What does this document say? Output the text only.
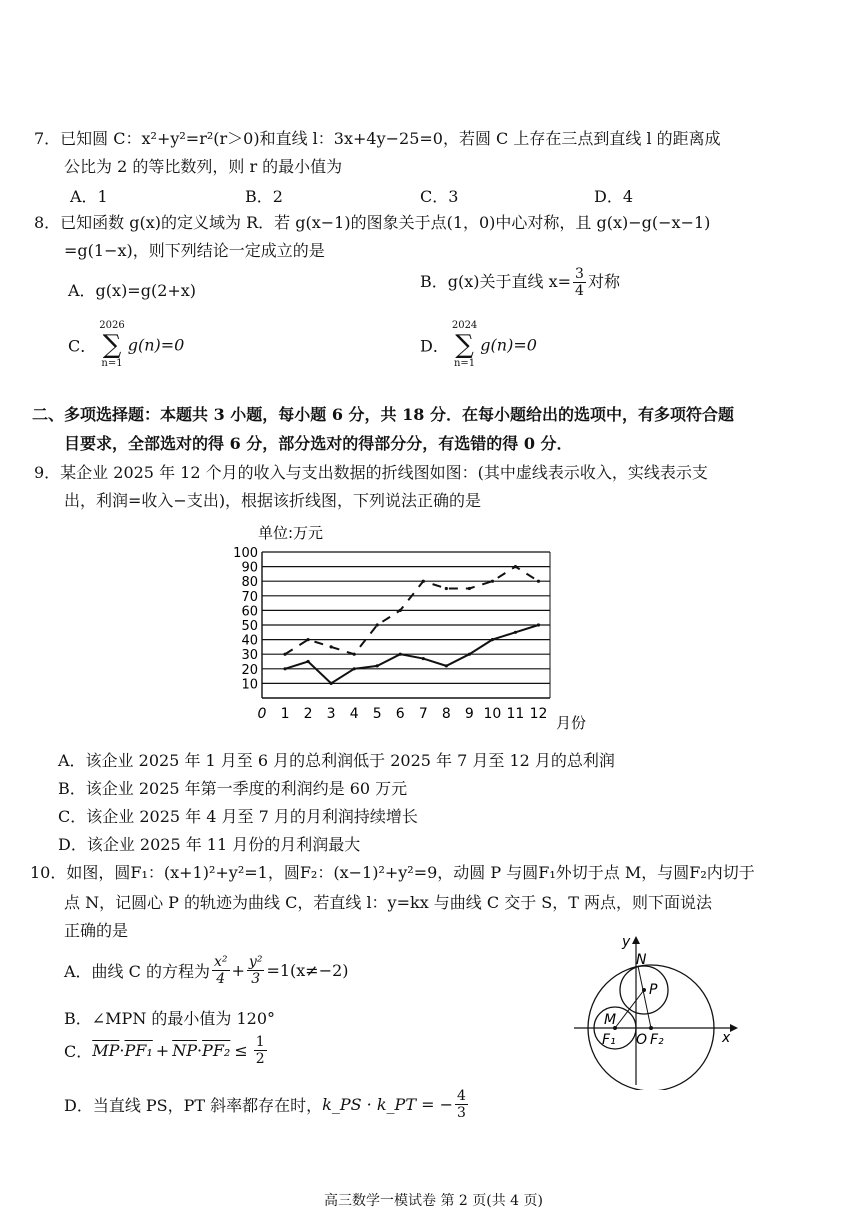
7．已知圆 C：x²+y²=r²(r＞0)和直线 l：3x+4y−25=0，若圆 C 上存在三点到直线 l 的距离成
公比为 2 的等比数列，则 r 的最小值为
A．1	B．2	C．3	D．4
8．已知函数 g(x)的定义域为 R．若 g(x−1)的图象关于点(1，0)中心对称，且 g(x)−g(−x−1)
=g(1−x)，则下列结论一定成立的是
A．g(x)=g(2+x)	B．g(x)关于直线 $x= \frac{3}{4}$ 对称
C．
2026
∑
n=1
g(n)=0	D．
2024
∑
n=1
g(n)=0
二、多项选择题：本题共 3 小题，每小题 6 分，共 18 分．在每小题给出的选项中，有多项符合题
目要求，全部选对的得 6 分，部分选对的得部分分，有选错的得 0 分．
9．某企业 2025 年 12 个月的收入与支出数据的折线图如图：(其中虚线表示收入，实线表示支
出，利润=收入−支出)，根据该折线图，下列说法正确的是
单位:万元
10
20
30
40
50
60
70
80
90
100
0 1 2 3 4 5 6 7 8 9 10 11 12 月份
A．该企业 2025 年 1 月至 6 月的总利润低于 2025 年 7 月至 12 月的总利润
B．该企业 2025 年第一季度的利润约是 60 万元
C．该企业 2025 年 4 月至 7 月的月利润持续增长
D．该企业 2025 年 11 月份的月利润最大
10．如图，圆F₁：(x+1)²+y²=1，圆F₂：(x−1)²+y²=9，动圆 P 与圆F₁外切于点 M，与圆F₂内切于
点 N，记圆心 P 的轨迹为曲线 C，若直线 l：y=kx 与曲线 C 交于 S，T 两点，则下面说法
正确的是
A．曲线 C 的方程为 $\frac{\text{x²}}{4} + \frac{\text{y²}}{3} =1(x\ne-2)$
B．∠MPN 的最小值为 120°
C．$\overline{MP}\cdot PF_1 + \overline{NP}\cdot PF_2 \le \frac{1}{2}$
D．当直线 PS，PT 斜率都存在时，k_PS · k_PT = − $\frac{4}{3}$
y
x
N
P
M
F₁ O F₂
高三数学一模试卷 第 2 页(共 4 页)
